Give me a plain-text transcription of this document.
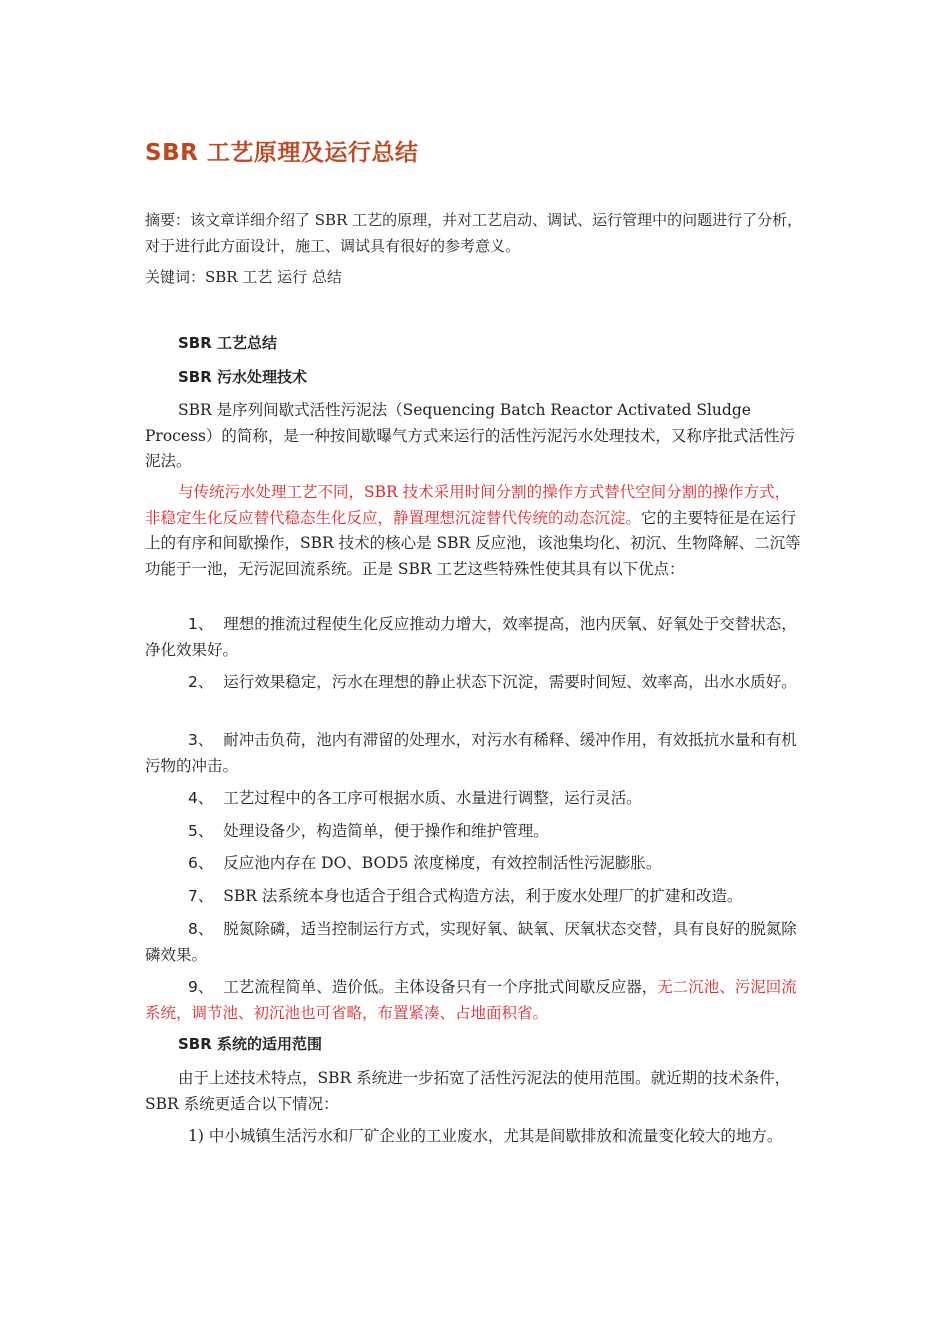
SBR 工艺原理及运行总结

摘要：该文章详细介绍了 SBR 工艺的原理，并对工艺启动、调试、运行管理中的问题进行了分析，对于进行此方面设计，施工、调试具有很好的参考意义。

关键词：SBR 工艺 运行 总结

SBR 工艺总结

SBR 污水处理技术

SBR 是序列间歇式活性污泥法（Sequencing Batch Reactor Activated Sludge Process）的简称，是一种按间歇曝气方式来运行的活性污泥污水处理技术，又称序批式活性污泥法。

与传统污水处理工艺不同，SBR 技术采用时间分割的操作方式替代空间分割的操作方式，非稳定生化反应替代稳态生化反应，静置理想沉淀替代传统的动态沉淀。它的主要特征是在运行上的有序和间歇操作，SBR 技术的核心是 SBR 反应池，该池集均化、初沉、生物降解、二沉等功能于一池，无污泥回流系统。正是 SBR 工艺这些特殊性使其具有以下优点：

1、 理想的推流过程使生化反应推动力增大，效率提高，池内厌氧、好氧处于交替状态，净化效果好。

2、 运行效果稳定，污水在理想的静止状态下沉淀，需要时间短、效率高，出水水质好。

3、 耐冲击负荷，池内有滞留的处理水，对污水有稀释、缓冲作用，有效抵抗水量和有机污物的冲击。

4、 工艺过程中的各工序可根据水质、水量进行调整，运行灵活。

5、 处理设备少，构造简单，便于操作和维护管理。

6、 反应池内存在 DO、BOD5 浓度梯度，有效控制活性污泥膨胀。

7、 SBR 法系统本身也适合于组合式构造方法，利于废水处理厂的扩建和改造。

8、 脱氮除磷，适当控制运行方式，实现好氧、缺氧、厌氧状态交替，具有良好的脱氮除磷效果。

9、 工艺流程简单、造价低。主体设备只有一个序批式间歇反应器，无二沉池、污泥回流系统，调节池、初沉池也可省略，布置紧凑、占地面积省。

SBR 系统的适用范围

由于上述技术特点，SBR 系统进一步拓宽了活性污泥法的使用范围。就近期的技术条件，SBR 系统更适合以下情况：

1) 中小城镇生活污水和厂矿企业的工业废水，尤其是间歇排放和流量变化较大的地方。
